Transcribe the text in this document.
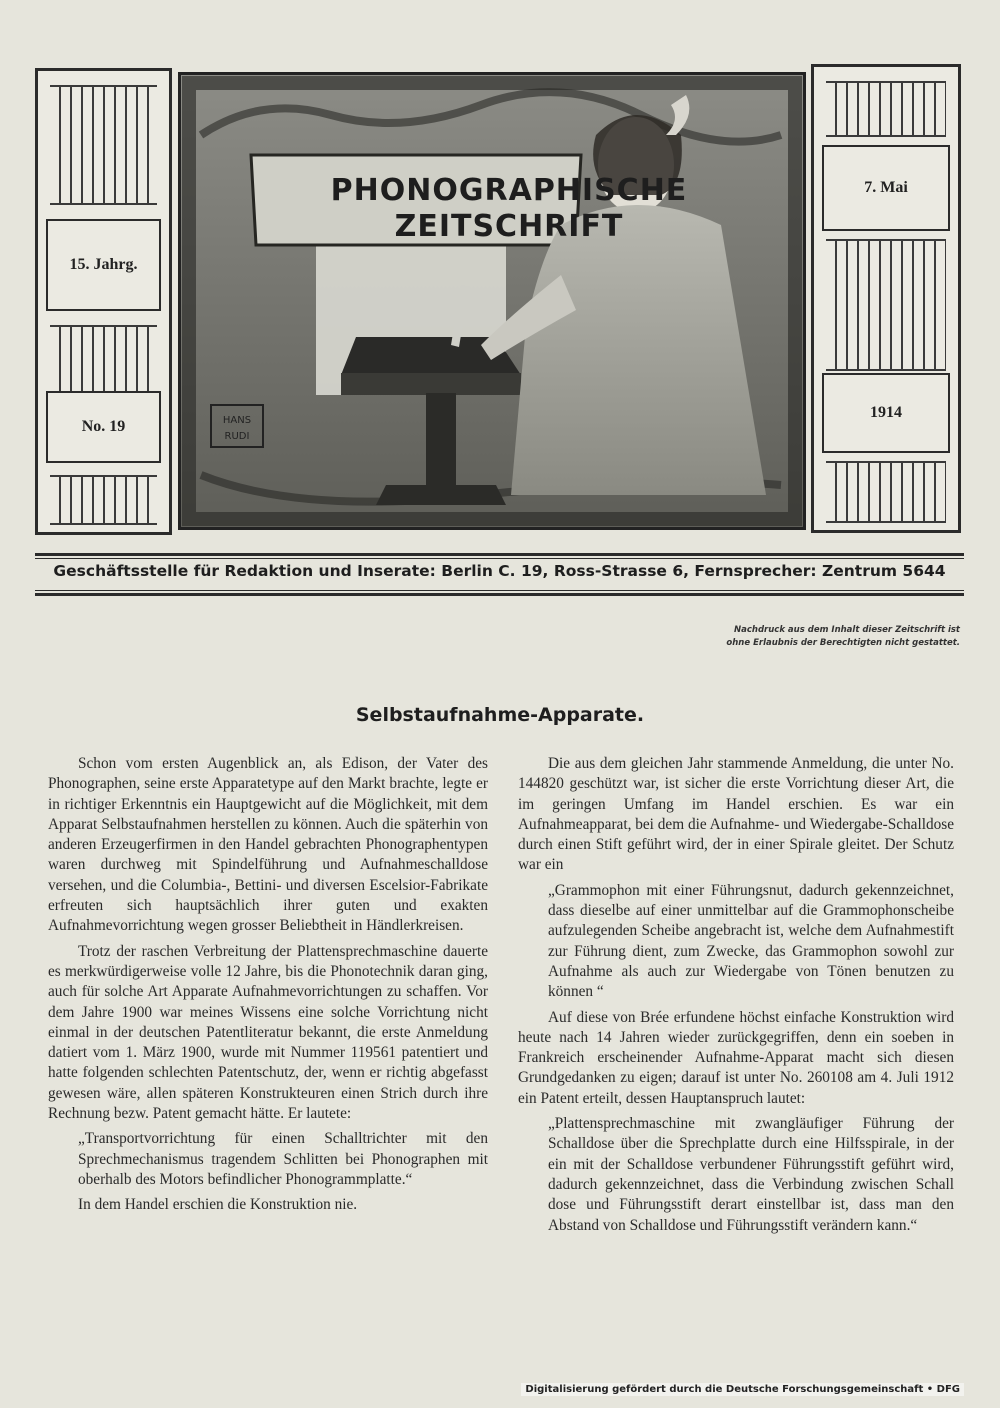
15. Jahrg.
No. 19
7. Mai
1914
HANS
RUDI
PHONOGRAPHISCHE
ZEITSCHRIFT
Geschäftsstelle für Redaktion und Inserate: Berlin C. 19, Ross-Strasse 6, Fernsprecher: Zentrum 5644
Nachdruck aus dem Inhalt dieser Zeitschrift ist
ohne Erlaubnis der Berechtigten nicht gestattet.
Selbstaufnahme-Apparate.

Schon vom ersten Augenblick an, als Edison, der Vater des Phonographen, seine erste Apparatetype auf den Markt brachte, legte er in richtiger Erkenntnis ein Hauptgewicht auf die Möglichkeit, mit dem Apparat Selbstaufnahmen herstellen zu können. Auch die späterhin von anderen Erzeugerfirmen in den Handel gebrachten Phonographentypen waren durchweg mit Spindelführung und Aufnahmeschalldose versehen, und die Columbia-, Bettini- und diversen Escelsior-Fabrikate erfreuten sich hauptsächlich ihrer guten und exakten Aufnahmevorrichtung wegen grosser Beliebtheit in Händlerkreisen.

Trotz der raschen Verbreitung der Plattensprechmaschine dauerte es merkwürdigerweise volle 12 Jahre, bis die Phonotechnik daran ging, auch für solche Art Apparate Aufnahmevorrichtungen zu schaffen. Vor dem Jahre 1900 war meines Wissens eine solche Vorrichtung nicht einmal in der deutschen Patentliteratur bekannt, die erste Anmeldung datiert vom 1. März 1900, wurde mit Nummer 119561 patentiert und hatte folgenden schlechten Patentschutz, der, wenn er richtig abgefasst gewesen wäre, allen späteren Konstrukteuren einen Strich durch ihre Rechnung bezw. Patent gemacht hätte. Er lautete:

„Transportvorrichtung für einen Schalltrichter mit den Sprechmechanismus tragendem Schlitten bei Phonographen mit oberhalb des Motors befindlicher Phonogrammplatte.“

In dem Handel erschien die Konstruktion nie.

Die aus dem gleichen Jahr stammende Anmeldung, die unter No. 144820 geschützt war, ist sicher die erste Vorrichtung dieser Art, die im geringen Umfang im Handel erschien. Es war ein Aufnahmeapparat, bei dem die Aufnahme- und Wiedergabe-Schalldose durch einen Stift geführt wird, der in einer Spirale gleitet. Der Schutz war ein

„Grammophon mit einer Führungsnut, dadurch gekennzeichnet, dass dieselbe auf einer unmittelbar auf die Grammophonscheibe aufzulegenden Scheibe angebracht ist, welche dem Aufnahmestift zur Führung dient, zum Zwecke, das Grammophon sowohl zur Aufnahme als auch zur Wiedergabe von Tönen benutzen zu können “

Auf diese von Brée erfundene höchst einfache Konstruktion wird heute nach 14 Jahren wieder zurückgegriffen, denn ein soeben in Frankreich erscheinender Aufnahme-Apparat macht sich diesen Grundgedanken zu eigen; darauf ist unter No. 260108 am 4. Juli 1912 ein Patent erteilt, dessen Hauptanspruch lautet:

„Plattensprechmaschine mit zwangläufiger Führung der Schalldose über die Sprechplatte durch eine Hilfsspirale, in der ein mit der Schalldose verbundener Führungsstift geführt wird, dadurch gekennzeichnet, dass die Verbindung zwischen Schall dose und Führungsstift derart einstellbar ist, dass man den Abstand von Schalldose und Führungsstift verändern kann.“

Digitalisierung gefördert durch die Deutsche Forschungsgemeinschaft • DFG
